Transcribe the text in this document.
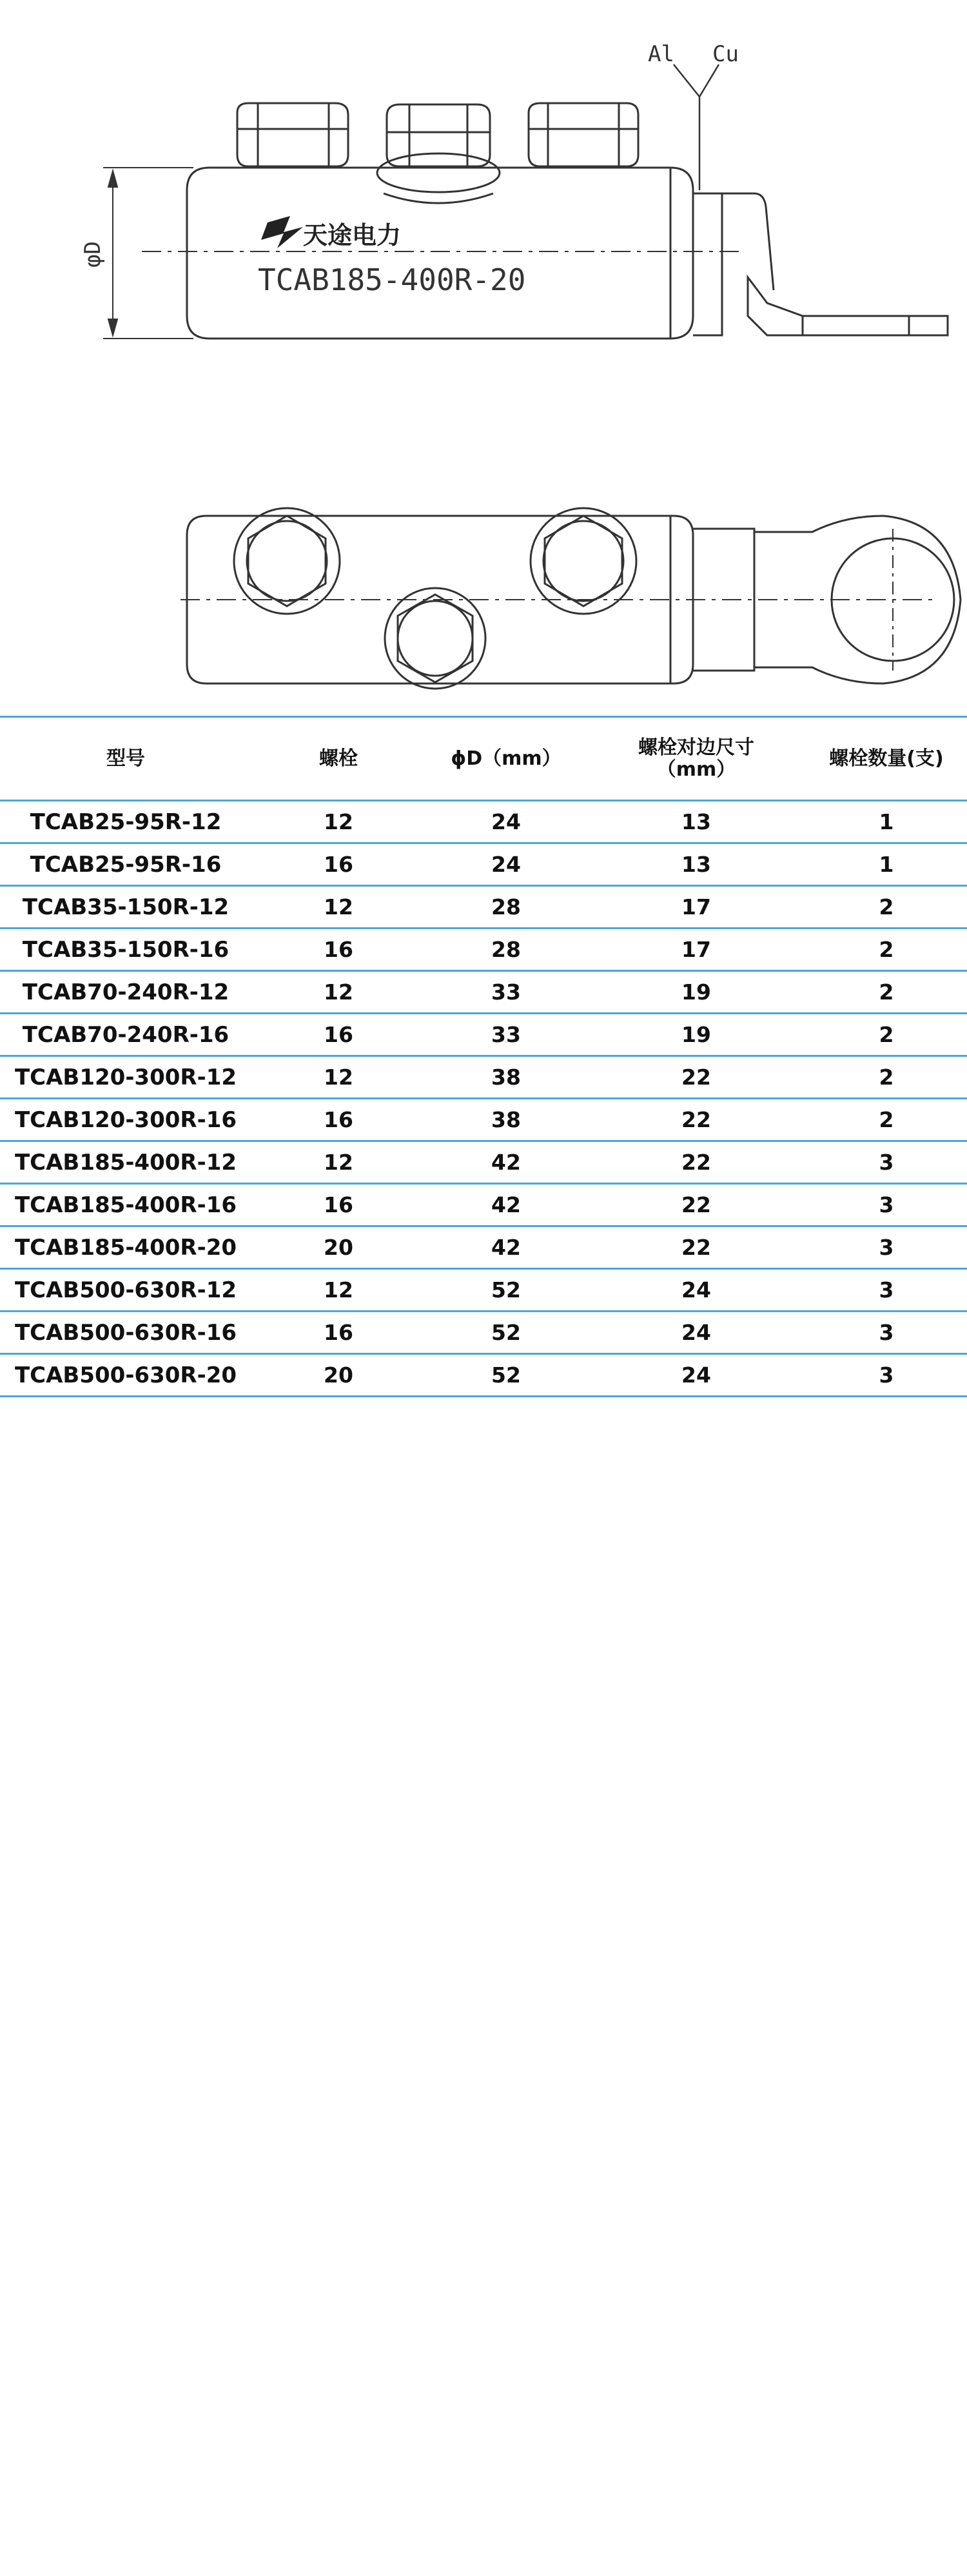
Al Cu
φD
天途电力
TCAB185-400R-20
型号	螺栓	ϕD（mm）	螺栓对边尺寸
（mm）	螺栓数量(支)
TCAB25-95R-12	12	24	13	1
TCAB25-95R-16	16	24	13	1
TCAB35-150R-12	12	28	17	2
TCAB35-150R-16	16	28	17	2
TCAB70-240R-12	12	33	19	2
TCAB70-240R-16	16	33	19	2
TCAB120-300R-12	12	38	22	2
TCAB120-300R-16	16	38	22	2
TCAB185-400R-12	12	42	22	3
TCAB185-400R-16	16	42	22	3
TCAB185-400R-20	20	42	22	3
TCAB500-630R-12	12	52	24	3
TCAB500-630R-16	16	52	24	3
TCAB500-630R-20	20	52	24	3
